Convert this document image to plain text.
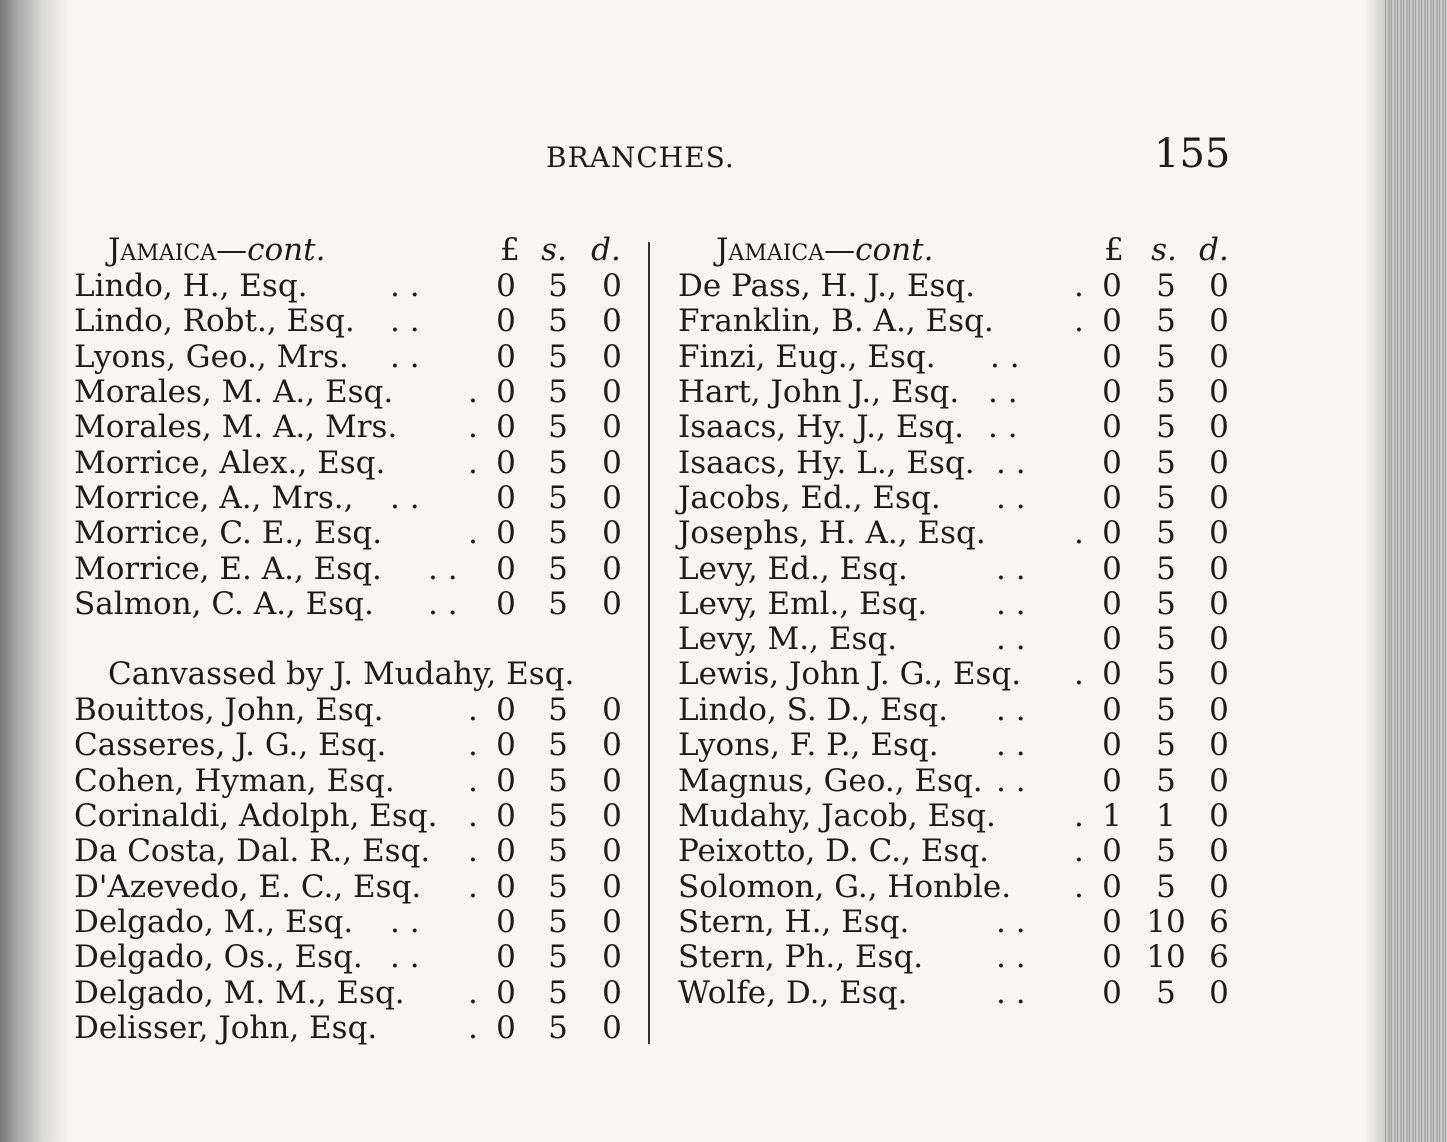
BRANCHES.	155
Jamaica—cont.	£ s. d.
Lindo, H., Esq.	. .	0	5	0
Lindo, Robt., Esq. . .	0	5	0
Lyons, Geo., Mrs. . .	0	5	0
Morales, M. A., Esq. . 0	5	0
Morales, M. A., Mrs. . 0	5	0
Morrice, Alex., Esq.	. 0	5	0
Morrice, A., Mrs., . .	0	5	0
Morrice, C. E., Esq.	. 0	5	0
Morrice, E. A., Esq. . .	0	5	0
Salmon, C. A., Esq. . .	0	5	0
Canvassed by J. Mudahy, Esq.
Bouittos, John, Esq.	. 0	5	0
Casseres, J. G., Esq.	. 0	5	0
Cohen, Hyman, Esq. . 0	5	0
Corinaldi, Adolph, Esq. . 0	5	0
Da Costa, Dal. R., Esq. . 0	5	0
D'Azevedo, E. C., Esq. . 0	5	0
Delgado, M., Esq. . .	0	5	0
Delgado, Os., Esq. . .	0	5	0
Delgado, M. M., Esq. . 0	5	0
Delisser, John, Esq.	. 0	5	0
Jamaica—cont.	£ s. d.
De Pass, H. J., Esq.	. 0	5	0
Franklin, B. A., Esq.	. 0	5	0
Finzi, Eug., Esq. . .	0	5	0
Hart, John J., Esq. . .	0	5	0
Isaacs, Hy. J., Esq. . .	0	5	0
Isaacs, Hy. L., Esq. . .	0	5	0
Jacobs, Ed., Esq. . .	0	5	0
Josephs, H. A., Esq.	. 0	5	0
Levy, Ed., Esq.	. .	0	5	0
Levy, Eml., Esq. . .	0	5	0
Levy, M., Esq.	. .	0	5	0
Lewis, John J. G., Esq. . 0	5	0
Lindo, S. D., Esq. . .	0	5	0
Lyons, F. P., Esq. . .	0	5	0
Magnus, Geo., Esq. . .	0	5	0
Mudahy, Jacob, Esq.	. 1	1	0
Peixotto, D. C., Esq.	. 0	5	0
Solomon, G., Honble. . 0	5	0
Stern, H., Esq.	. .	0 10 6
Stern, Ph., Esq. . .	0 10 6
Wolfe, D., Esq.	. .	0	5	0
